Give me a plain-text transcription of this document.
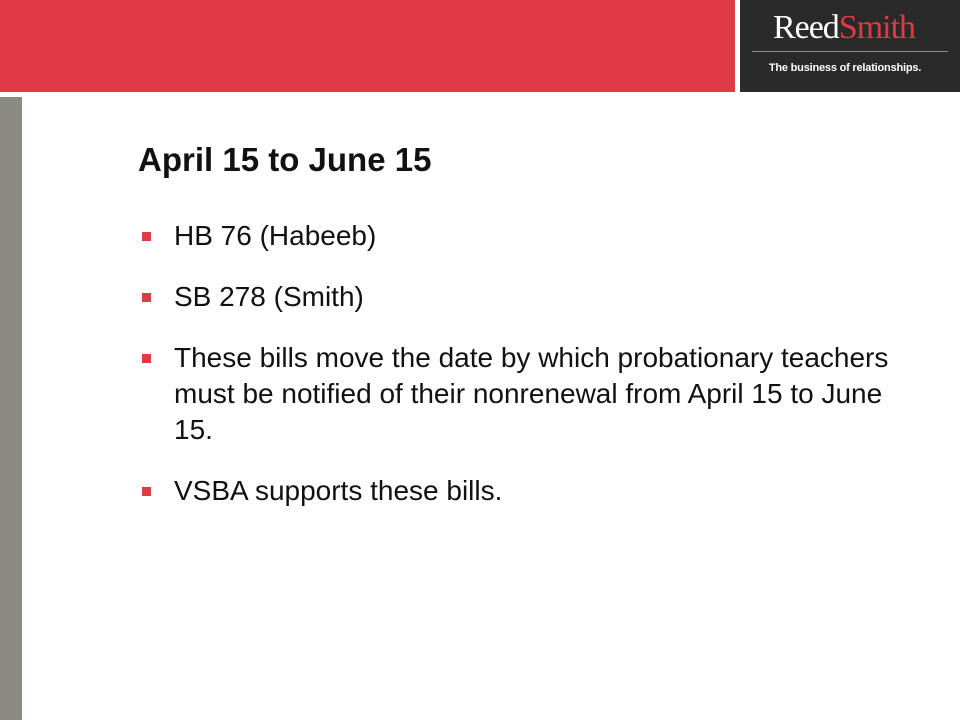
ReedSmith
The business of relationships.
April 15 to June 15
HB 76 (Habeeb)
SB 278 (Smith)
These bills move the date by which probationary teachers must be notified of their nonrenewal from April 15 to June 15.
VSBA supports these bills.
